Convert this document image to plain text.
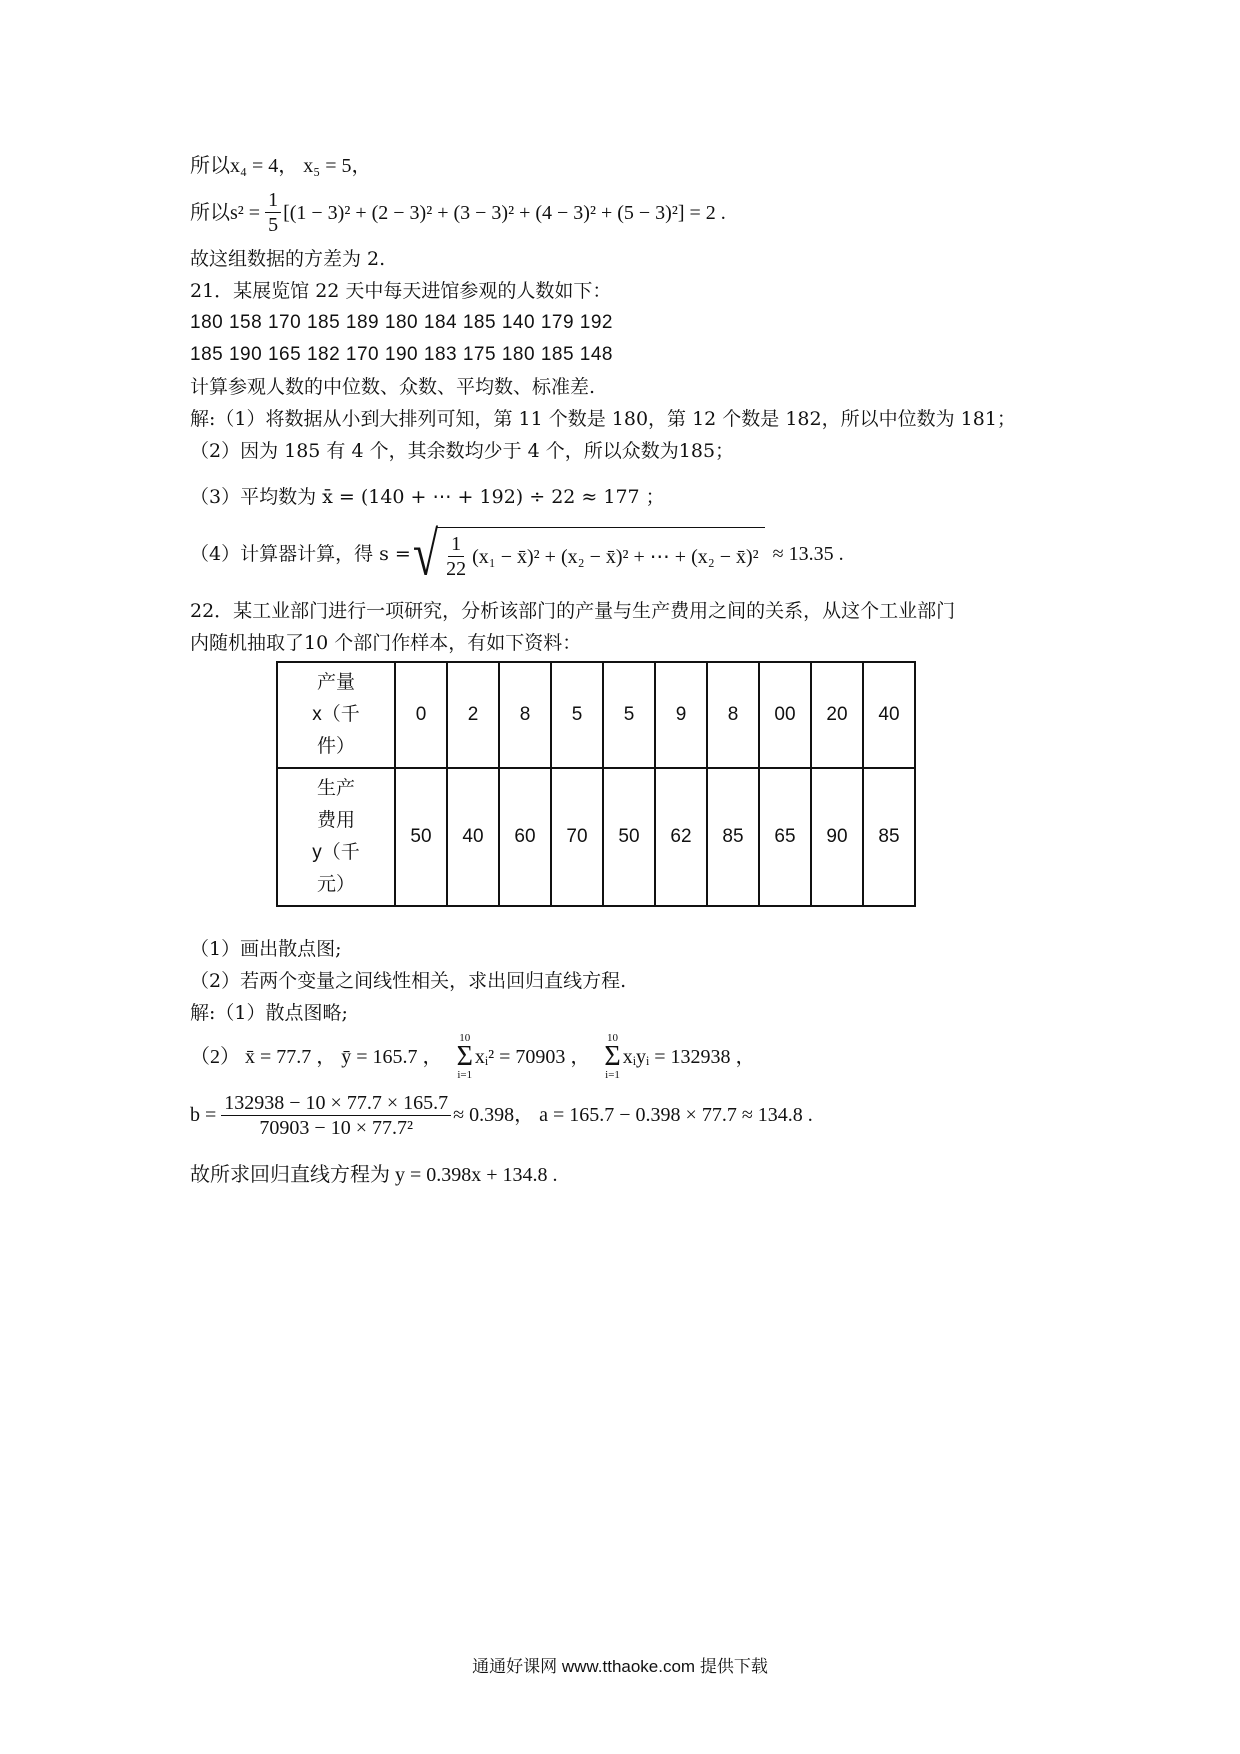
所以x₄ = 4， x₅ = 5，
所以$s^2 = \frac{1}{5} [(1 - 3)^2 + (2 - 3)^2 + (3 - 3)^2 + (4 - 3)^2 + (5 - 3)^2] = 2$ .
故这组数据的方差为 2.
21．某展览馆 22 天中每天进馆参观的人数如下：
180 158 170 185 189 180 184 185 140 179 192
185 190 165 182 170 190 183 175 180 185 148
计算参观人数的中位数、众数、平均数、标准差.
解:（1）将数据从小到大排列可知，第 11 个数是 180，第 12 个数是 182，所以中位数为 181；
（2）因为 185 有 4 个，其余数均少于 4 个，所以众数为185；
（3）平均数为 x̄ = (140 + ⋯ + 192) ÷ 22 ≈ 177 ；
（4）计算器计算，得 s = √ $\frac{1}{22} (x_1$ − x̄)² + (x₂ − x̄)² + ⋯ + (x₂ − x̄)² ≈ 13.35 .
22．某工业部门进行一项研究，分析该部门的产量与生产费用之间的关系，从这个工业部门
内随机抽取了10 个部门作样本，有如下资料：
产量
x（千
件）	0	2	8	5	5	9	8	00	20	40

生产
费用
y（千
元）	50	40	60	70	50	62	85	65	90	85
（1）画出散点图;
（2）若两个变量之间线性相关，求出回归直线方程.
解:（1）散点图略;
（2） x̄ = 77.7 ， ȳ = 165.7 ，
10
Σ
i=1
xᵢ² = 70903 ，
10
Σ
i=1
xᵢyᵢ = 132938 ，
$b = \frac{132938 - 10 \times 77.7 \times 165.7}{\text{70903 − 10 × 77.7²}} \approx 0.398$， a = 165.7 − 0.398 × 77.7 ≈ 134.8 .
故所求回归直线方程为 y = 0.398x + 134.8 .
通通好课网 www.tthaoke.com 提供下载
